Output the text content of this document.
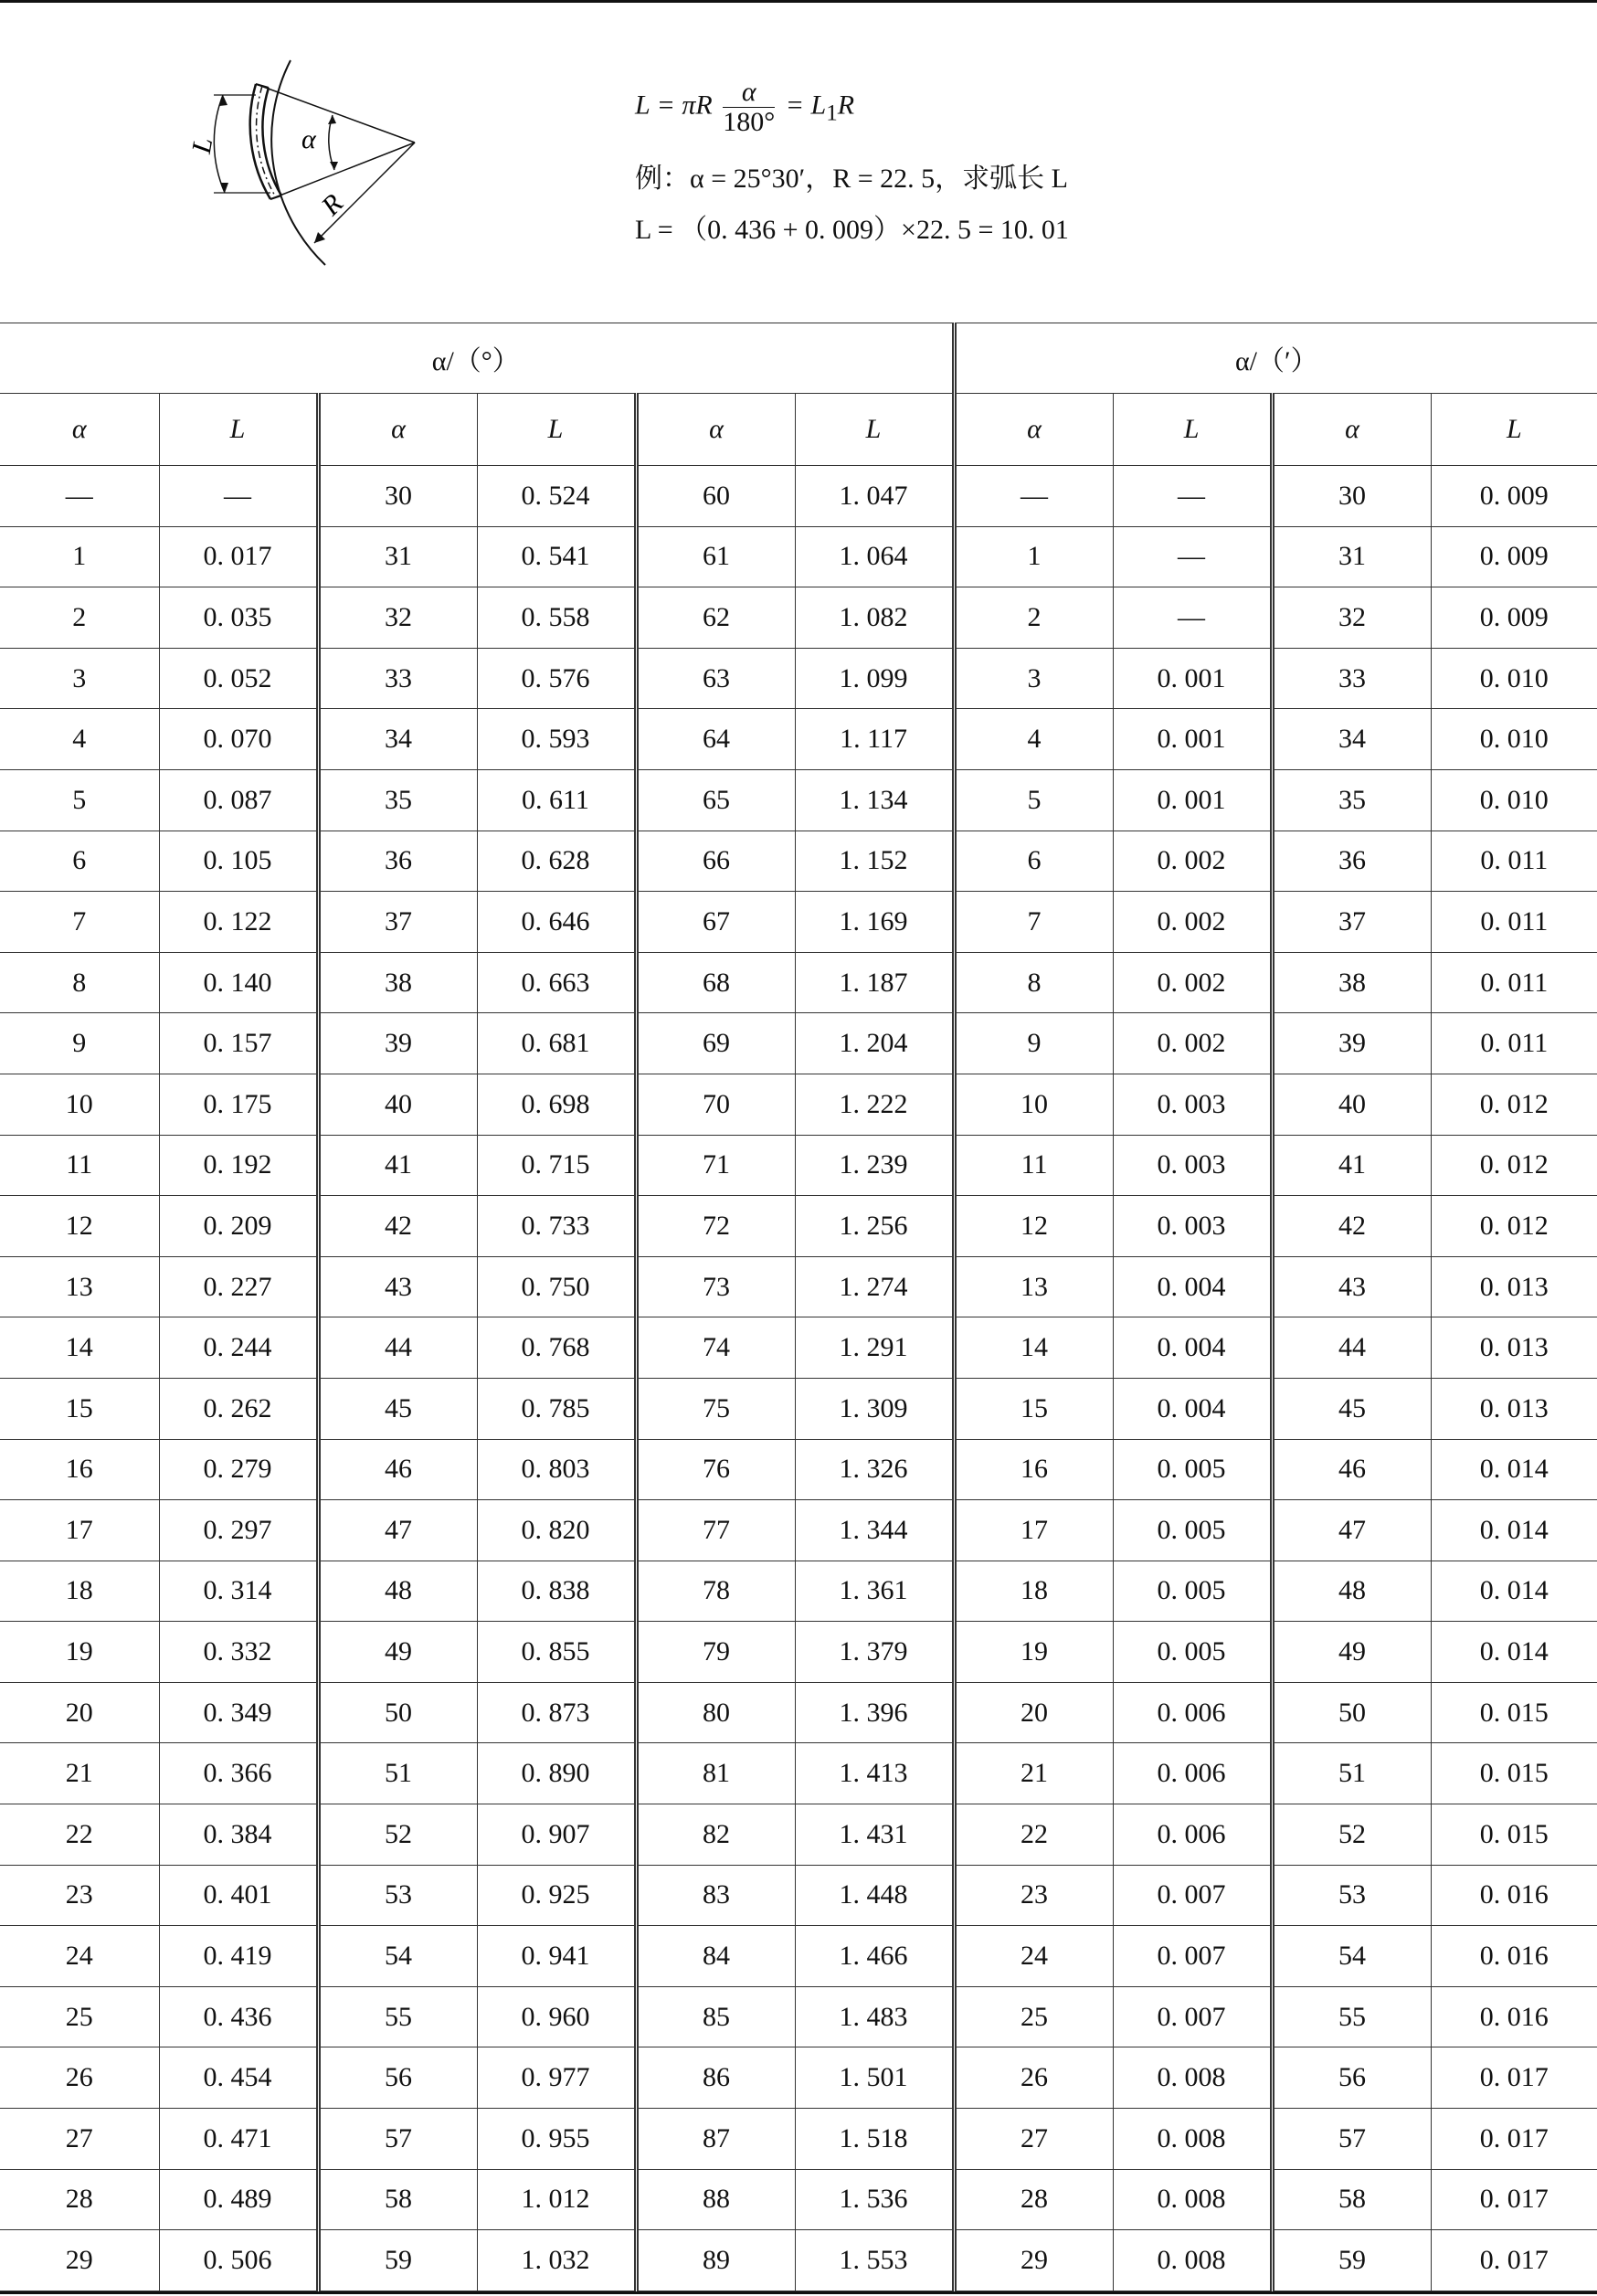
L	α
R
L = πR $\frac{\alpha}{180^\circ} = L_1R$
例：α = 25°30′，R = 22. 5，求弧长 L
L = （0. 436 + 0. 009）×22. 5 = 10. 01
α/（°）						α/（′）			
α	L	α	L	α	L	α	L	α	L
—	—	30	0. 524	60	1. 047	—	—	30	0. 009
1	0. 017	31	0. 541	61	1. 064	1	—	31	0. 009
2	0. 035	32	0. 558	62	1. 082	2	—	32	0. 009
3	0. 052	33	0. 576	63	1. 099	3	0. 001	33	0. 010
4	0. 070	34	0. 593	64	1. 117	4	0. 001	34	0. 010
5	0. 087	35	0. 611	65	1. 134	5	0. 001	35	0. 010
6	0. 105	36	0. 628	66	1. 152	6	0. 002	36	0. 011
7	0. 122	37	0. 646	67	1. 169	7	0. 002	37	0. 011
8	0. 140	38	0. 663	68	1. 187	8	0. 002	38	0. 011
9	0. 157	39	0. 681	69	1. 204	9	0. 002	39	0. 011
10	0. 175	40	0. 698	70	1. 222	10	0. 003	40	0. 012
11	0. 192	41	0. 715	71	1. 239	11	0. 003	41	0. 012
12	0. 209	42	0. 733	72	1. 256	12	0. 003	42	0. 012
13	0. 227	43	0. 750	73	1. 274	13	0. 004	43	0. 013
14	0. 244	44	0. 768	74	1. 291	14	0. 004	44	0. 013
15	0. 262	45	0. 785	75	1. 309	15	0. 004	45	0. 013
16	0. 279	46	0. 803	76	1. 326	16	0. 005	46	0. 014
17	0. 297	47	0. 820	77	1. 344	17	0. 005	47	0. 014
18	0. 314	48	0. 838	78	1. 361	18	0. 005	48	0. 014
19	0. 332	49	0. 855	79	1. 379	19	0. 005	49	0. 014
20	0. 349	50	0. 873	80	1. 396	20	0. 006	50	0. 015
21	0. 366	51	0. 890	81	1. 413	21	0. 006	51	0. 015
22	0. 384	52	0. 907	82	1. 431	22	0. 006	52	0. 015
23	0. 401	53	0. 925	83	1. 448	23	0. 007	53	0. 016
24	0. 419	54	0. 941	84	1. 466	24	0. 007	54	0. 016
25	0. 436	55	0. 960	85	1. 483	25	0. 007	55	0. 016
26	0. 454	56	0. 977	86	1. 501	26	0. 008	56	0. 017
27	0. 471	57	0. 955	87	1. 518	27	0. 008	57	0. 017
28	0. 489	58	1. 012	88	1. 536	28	0. 008	58	0. 017
29	0. 506	59	1. 032	89	1. 553	29	0. 008	59	0. 017
